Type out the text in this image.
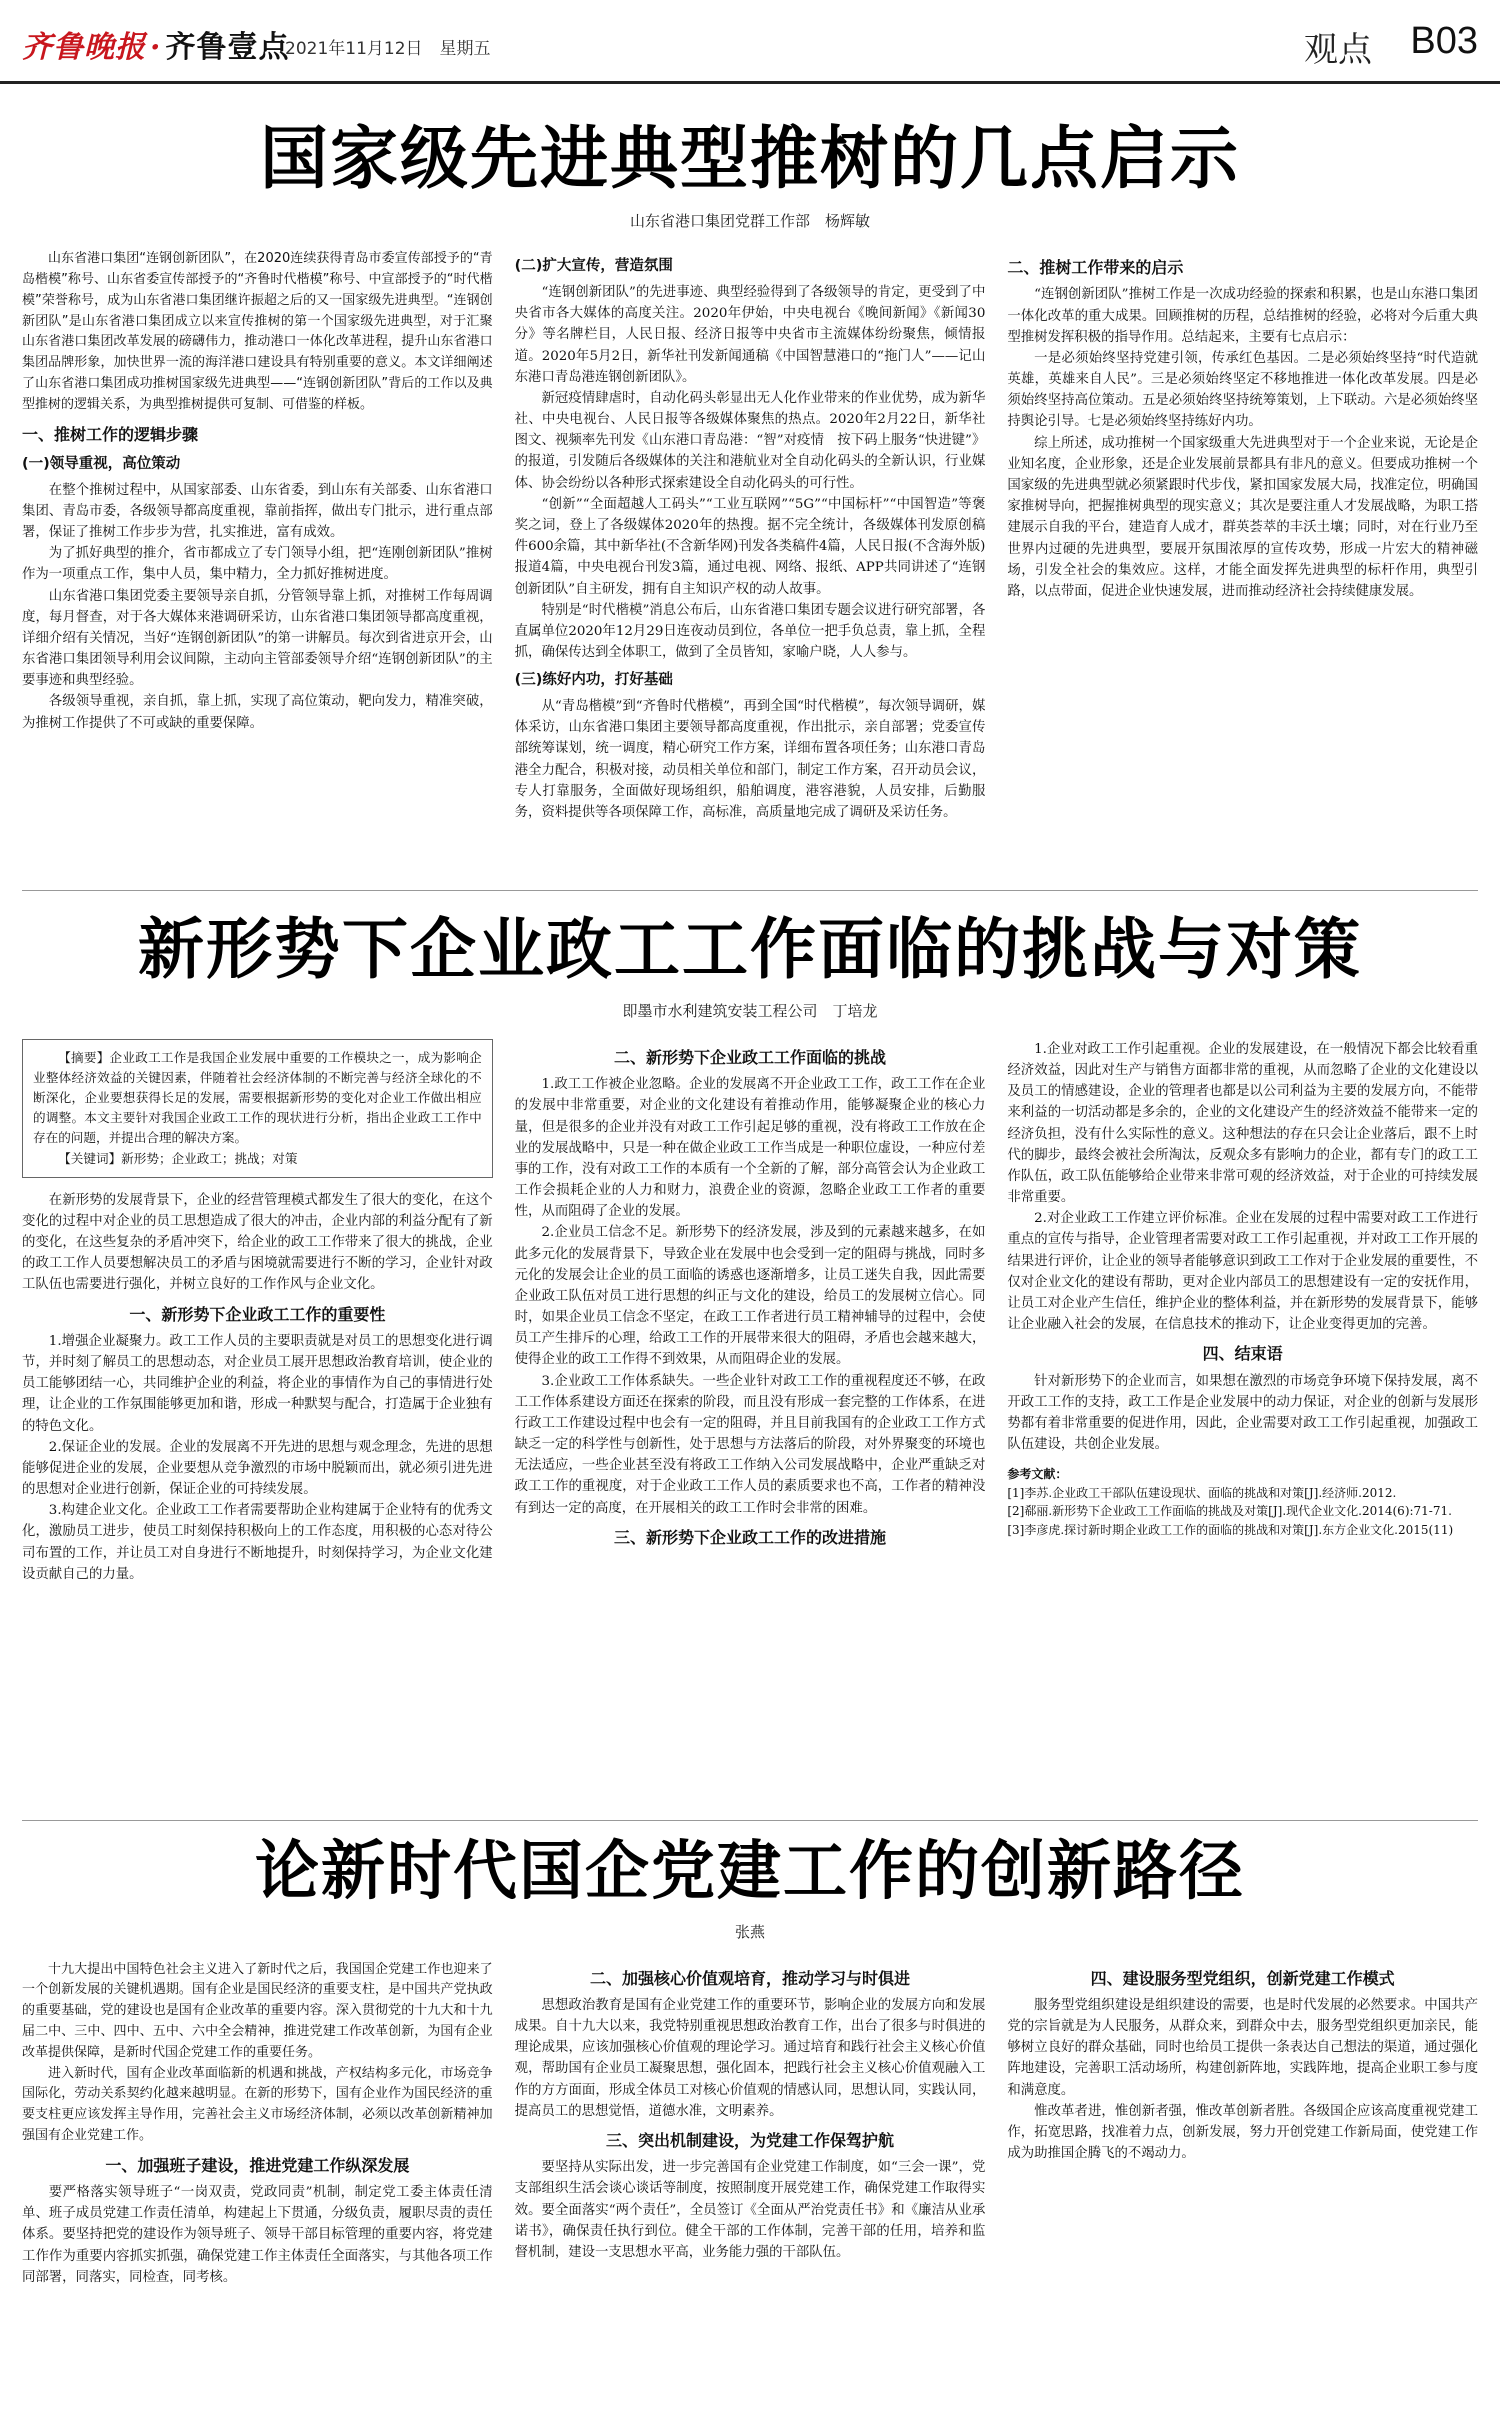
齐鲁晚报 · 齐鲁壹点
2021年11月12日　星期五	观点 B03
国家级先进典型推树的几点启示
山东省港口集团党群工作部　杨辉敏

山东省港口集团“连钢创新团队”，在2020连续获得青岛市委宣传部授予的“青岛楷模”称号、山东省委宣传部授予的“齐鲁时代楷模”称号、中宣部授予的“时代楷模”荣誉称号，成为山东省港口集团继许振超之后的又一国家级先进典型。“连钢创新团队”是山东省港口集团成立以来宣传推树的第一个国家级先进典型，对于汇聚山东省港口集团改革发展的磅礴伟力，推动港口一体化改革进程，提升山东省港口集团品牌形象，加快世界一流的海洋港口建设具有特别重要的意义。本文详细阐述了山东省港口集团成功推树国家级先进典型——“连钢创新团队”背后的工作以及典型推树的逻辑关系，为典型推树提供可复制、可借鉴的样板。

一、推树工作的逻辑步骤
(一)领导重视，高位策动

在整个推树过程中，从国家部委、山东省委，到山东有关部委、山东省港口集团、青岛市委，各级领导都高度重视，靠前指挥，做出专门批示，进行重点部署，保证了推树工作步步为营，扎实推进，富有成效。

为了抓好典型的推介，省市都成立了专门领导小组，把“连刚创新团队”推树作为一项重点工作，集中人员，集中精力，全力抓好推树进度。

山东省港口集团党委主要领导亲自抓，分管领导靠上抓，对推树工作每周调度，每月督查，对于各大媒体来港调研采访，山东省港口集团领导都高度重视，详细介绍有关情况，当好“连钢创新团队”的第一讲解员。每次到省进京开会，山东省港口集团领导利用会议间隙，主动向主管部委领导介绍“连钢创新团队”的主要事迹和典型经验。

各级领导重视，亲自抓，靠上抓，实现了高位策动，靶向发力，精准突破，为推树工作提供了不可或缺的重要保障。

(二)扩大宣传，营造氛围

“连钢创新团队”的先进事迹、典型经验得到了各级领导的肯定，更受到了中央省市各大媒体的高度关注。2020年伊始，中央电视台《晚间新闻》《新闻30分》等名牌栏目，人民日报、经济日报等中央省市主流媒体纷纷聚焦，倾情报道。2020年5月2日，新华社刊发新闻通稿《中国智慧港口的“拖门人”——记山东港口青岛港连钢创新团队》。

新冠疫情肆虐时，自动化码头彰显出无人化作业带来的作业优势，成为新华社、中央电视台、人民日报等各级媒体聚焦的热点。2020年2月22日，新华社图文、视频率先刊发《山东港口青岛港：“智”对疫情　按下码上服务“快进键”》的报道，引发随后各级媒体的关注和港航业对全自动化码头的全新认识，行业媒体、协会纷纷以各种形式探索建设全自动化码头的可行性。

“创新”“全面超越人工码头”“工业互联网”“5G”“中国标杆”“中国智造”等褒奖之词，登上了各级媒体2020年的热搜。据不完全统计，各级媒体刊发原创稿件600余篇，其中新华社(不含新华网)刊发各类稿件4篇，人民日报(不含海外版)报道4篇，中央电视台刊发3篇，通过电视、网络、报纸、APP共同讲述了“连钢创新团队”自主研发，拥有自主知识产权的动人故事。

特别是“时代楷模”消息公布后，山东省港口集团专题会议进行研究部署，各直属单位2020年12月29日连夜动员到位，各单位一把手负总责，靠上抓，全程抓，确保传达到全体职工，做到了全员皆知，家喻户晓，人人参与。

(三)练好内功，打好基础

从“青岛楷模”到“齐鲁时代楷模”，再到全国“时代楷模”，每次领导调研，媒体采访，山东省港口集团主要领导都高度重视，作出批示，亲自部署；党委宣传部统筹谋划，统一调度，精心研究工作方案，详细布置各项任务；山东港口青岛港全力配合，积极对接，动员相关单位和部门，制定工作方案，召开动员会议，专人打靠服务，全面做好现场组织，船舶调度，港容港貌，人员安排，后勤服务，资料提供等各项保障工作，高标准，高质量地完成了调研及采访任务。

二、推树工作带来的启示

“连钢创新团队”推树工作是一次成功经验的探索和积累，也是山东港口集团一体化改革的重大成果。回顾推树的历程，总结推树的经验，必将对今后重大典型推树发挥积极的指导作用。总结起来，主要有七点启示：

一是必须始终坚持党建引领，传承红色基因。二是必须始终坚持“时代造就英雄，英雄来自人民”。三是必须始终坚定不移地推进一体化改革发展。四是必须始终坚持高位策动。五是必须始终坚持统筹策划，上下联动。六是必须始终坚持舆论引导。七是必须始终坚持练好内功。

综上所述，成功推树一个国家级重大先进典型对于一个企业来说，无论是企业知名度，企业形象，还是企业发展前景都具有非凡的意义。但要成功推树一个国家级的先进典型就必须紧跟时代步伐，紧扣国家发展大局，找准定位，明确国家推树导向，把握推树典型的现实意义；其次是要注重人才发展战略，为职工搭建展示自我的平台，建造育人成才，群英荟萃的丰沃土壤；同时，对在行业乃至世界内过硬的先进典型，要展开氛围浓厚的宣传攻势，形成一片宏大的精神磁场，引发全社会的集效应。这样，才能全面发挥先进典型的标杆作用，典型引路，以点带面，促进企业快速发展，进而推动经济社会持续健康发展。

新形势下企业政工工作面临的挑战与对策
即墨市水利建筑安装工程公司　丁培龙

【摘要】企业政工工作是我国企业发展中重要的工作模块之一，成为影响企业整体经济效益的关键因素，伴随着社会经济体制的不断完善与经济全球化的不断深化，企业要想获得长足的发展，需要根据新形势的变化对企业工作做出相应的调整。本文主要针对我国企业政工工作的现状进行分析，指出企业政工工作中存在的问题，并提出合理的解决方案。

【关键词】新形势；企业政工；挑战；对策

在新形势的发展背景下，企业的经营管理模式都发生了很大的变化，在这个变化的过程中对企业的员工思想造成了很大的冲击，企业内部的利益分配有了新的变化，在这些复杂的矛盾冲突下，给企业的政工工作带来了很大的挑战，企业的政工工作人员要想解决员工的矛盾与困境就需要进行不断的学习，企业针对政工队伍也需要进行强化，并树立良好的工作作风与企业文化。

一、新形势下企业政工工作的重要性

1.增强企业凝聚力。政工工作人员的主要职责就是对员工的思想变化进行调节，并时刻了解员工的思想动态，对企业员工展开思想政治教育培训，使企业的员工能够团结一心，共同维护企业的利益，将企业的事情作为自己的事情进行处理，让企业的工作氛围能够更加和谐，形成一种默契与配合，打造属于企业独有的特色文化。

2.保证企业的发展。企业的发展离不开先进的思想与观念理念，先进的思想能够促进企业的发展，企业要想从竞争激烈的市场中脱颖而出，就必须引进先进的思想对企业进行创新，保证企业的可持续发展。

3.构建企业文化。企业政工工作者需要帮助企业构建属于企业特有的优秀文化，激励员工进步，使员工时刻保持积极向上的工作态度，用积极的心态对待公司布置的工作，并让员工对自身进行不断地提升，时刻保持学习，为企业文化建设贡献自己的力量。

二、新形势下企业政工工作面临的挑战

1.政工工作被企业忽略。企业的发展离不开企业政工工作，政工工作在企业的发展中非常重要，对企业的文化建设有着推动作用，能够凝聚企业的核心力量，但是很多的企业并没有对政工工作引起足够的重视，没有将政工工作放在企业的发展战略中，只是一种在做企业政工工作当成是一种职位虚设，一种应付差事的工作，没有对政工工作的本质有一个全新的了解，部分高管会认为企业政工工作会损耗企业的人力和财力，浪费企业的资源，忽略企业政工工作者的重要性，从而阻碍了企业的发展。

2.企业员工信念不足。新形势下的经济发展，涉及到的元素越来越多，在如此多元化的发展背景下，导致企业在发展中也会受到一定的阻碍与挑战，同时多元化的发展会让企业的员工面临的诱惑也逐渐增多，让员工迷失自我，因此需要企业政工队伍对员工进行思想的纠正与文化的建设，给员工的发展树立信心。同时，如果企业员工信念不坚定，在政工工作者进行员工精神辅导的过程中，会使员工产生排斥的心理，给政工工作的开展带来很大的阻碍，矛盾也会越来越大，使得企业的政工工作得不到效果，从而阻碍企业的发展。

3.企业政工工作体系缺失。一些企业针对政工工作的重视程度还不够，在政工工作体系建设方面还在探索的阶段，而且没有形成一套完整的工作体系，在进行政工工作建设过程中也会有一定的阻碍，并且目前我国有的企业政工工作方式缺乏一定的科学性与创新性，处于思想与方法落后的阶段，对外界聚变的环境也无法适应，一些企业甚至没有将政工工作纳入公司发展战略中，企业严重缺乏对政工工作的重视度，对于企业政工工作人员的素质要求也不高，工作者的精神没有到达一定的高度，在开展相关的政工工作时会非常的困难。

三、新形势下企业政工工作的改进措施

1.企业对政工工作引起重视。企业的发展建设，在一般情况下都会比较看重经济效益，因此对生产与销售方面都非常的重视，从而忽略了企业的文化建设以及员工的情感建设，企业的管理者也都是以公司利益为主要的发展方向，不能带来利益的一切活动都是多余的，企业的文化建设产生的经济效益不能带来一定的经济负担，没有什么实际性的意义。这种想法的存在只会让企业落后，跟不上时代的脚步，最终会被社会所淘汰，反观众多有影响力的企业，都有专门的政工工作队伍，政工队伍能够给企业带来非常可观的经济效益，对于企业的可持续发展非常重要。

2.对企业政工工作建立评价标准。企业在发展的过程中需要对政工工作进行重点的宣传与指导，企业管理者需要对政工工作引起重视，并对政工工作开展的结果进行评价，让企业的领导者能够意识到政工工作对于企业发展的重要性，不仅对企业文化的建设有帮助，更对企业内部员工的思想建设有一定的安抚作用，让员工对企业产生信任，维护企业的整体利益，并在新形势的发展背景下，能够让企业融入社会的发展，在信息技术的推动下，让企业变得更加的完善。

四、结束语

针对新形势下的企业而言，如果想在激烈的市场竞争环境下保持发展，离不开政工工作的支持，政工工作是企业发展中的动力保证，对企业的创新与发展形势都有着非常重要的促进作用，因此，企业需要对政工工作引起重视，加强政工队伍建设，共创企业发展。

参考文献：

[1]李苏.企业政工干部队伍建设现状、面临的挑战和对策[J].经济师.2012.

[2]郗丽.新形势下企业政工工作面临的挑战及对策[J].现代企业文化.2014(6):71-71.

[3]李彦虎.探讨新时期企业政工工作的面临的挑战和对策[J].东方企业文化.2015(11)

论新时代国企党建工作的创新路径
张燕

十九大提出中国特色社会主义进入了新时代之后，我国国企党建工作也迎来了一个创新发展的关键机遇期。国有企业是国民经济的重要支柱，是中国共产党执政的重要基础，党的建设也是国有企业改革的重要内容。深入贯彻党的十九大和十九届二中、三中、四中、五中、六中全会精神，推进党建工作改革创新，为国有企业改革提供保障，是新时代国企党建工作的重要任务。

进入新时代，国有企业改革面临新的机遇和挑战，产权结构多元化，市场竞争国际化，劳动关系契约化越来越明显。在新的形势下，国有企业作为国民经济的重要支柱更应该发挥主导作用，完善社会主义市场经济体制，必须以改革创新精神加强国有企业党建工作。

一、加强班子建设，推进党建工作纵深发展

要严格落实领导班子“一岗双责，党政同责”机制，制定党工委主体责任清单、班子成员党建工作责任清单，构建起上下贯通，分级负责，履职尽责的责任体系。要坚持把党的建设作为领导班子、领导干部目标管理的重要内容，将党建工作作为重要内容抓实抓强，确保党建工作主体责任全面落实，与其他各项工作同部署，同落实，同检查，同考核。

二、加强核心价值观培育，推动学习与时俱进

思想政治教育是国有企业党建工作的重要环节，影响企业的发展方向和发展成果。自十九大以来，我党特别重视思想政治教育工作，出台了很多与时俱进的理论成果，应该加强核心价值观的理论学习。通过培育和践行社会主义核心价值观，帮助国有企业员工凝聚思想，强化固本，把践行社会主义核心价值观融入工作的方方面面，形成全体员工对核心价值观的情感认同，思想认同，实践认同，提高员工的思想觉悟，道德水准，文明素养。

三、突出机制建设，为党建工作保驾护航

要坚持从实际出发，进一步完善国有企业党建工作制度，如“三会一课”，党支部组织生活会谈心谈话等制度，按照制度开展党建工作，确保党建工作取得实效。要全面落实“两个责任”，全员签订《全面从严治党责任书》和《廉洁从业承诺书》，确保责任执行到位。健全干部的工作体制，完善干部的任用，培养和监督机制，建设一支思想水平高，业务能力强的干部队伍。

四、建设服务型党组织，创新党建工作模式

服务型党组织建设是组织建设的需要，也是时代发展的必然要求。中国共产党的宗旨就是为人民服务，从群众来，到群众中去，服务型党组织更加亲民，能够树立良好的群众基础，同时也给员工提供一条表达自己想法的渠道，通过强化阵地建设，完善职工活动场所，构建创新阵地，实践阵地，提高企业职工参与度和满意度。

惟改革者进，惟创新者强，惟改革创新者胜。各级国企应该高度重视党建工作，拓宽思路，找准着力点，创新发展，努力开创党建工作新局面，使党建工作成为助推国企腾飞的不竭动力。
